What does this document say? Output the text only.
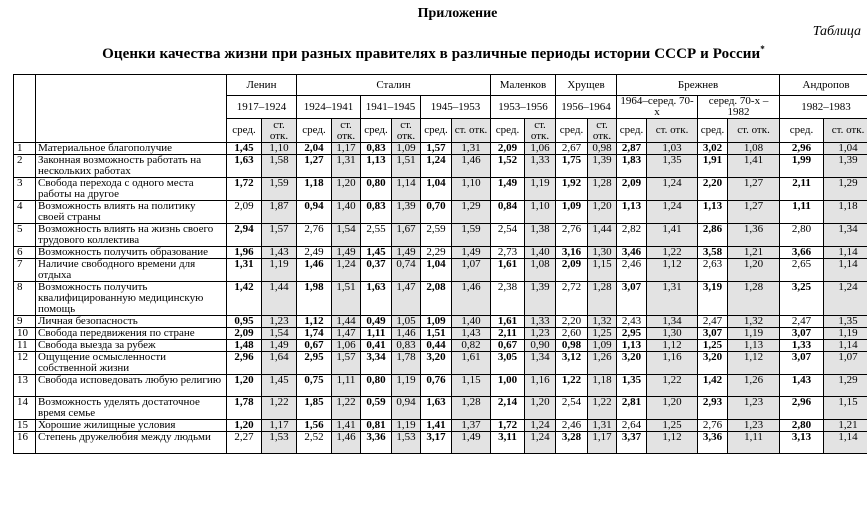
Приложение
Таблица
Оценки качества жизни при разных правителях в различные периоды истории СССР и России*
		Ленин		Сталин						Маленков		Хрущев		Брежнев				Андропов	
		1917–1924		1924–1941		1941–1945		1945–1953		1953–1956		1956–1964		1964–серед. 70-х		серед. 70-х – 1982		1982–1983	
		сред.	ст. отк.	сред.	ст. отк.	сред.	ст. отк.	сред.	ст. отк.	сред.	ст. отк.	сред.	ст. отк.	сред.	ст. отк.	сред.	ст. отк.	сред.	ст. отк.
1	Материальное благополучие	1,45	1,10	2,04	1,17	0,83	1,09	1,57	1,31	2,09	1,06	2,67	0,98	2,87	1,03	3,02	1,08	2,96	1,04
2	Законная возможность работать на нескольких работах	1,63	1,58	1,27	1,31	1,13	1,51	1,24	1,46	1,52	1,33	1,75	1,39	1,83	1,35	1,91	1,41	1,99	1,39
3	Свобода перехода с одного места работы на другое	1,72	1,59	1,18	1,20	0,80	1,14	1,04	1,10	1,49	1,19	1,92	1,28	2,09	1,24	2,20	1,27	2,11	1,29
4	Возможность влиять на политику своей страны	2,09	1,87	0,94	1,40	0,83	1,39	0,70	1,29	0,84	1,10	1,09	1,20	1,13	1,24	1,13	1,27	1,11	1,18
5	Возможность влиять на жизнь своего трудового коллектива	2,94	1,57	2,76	1,54	2,55	1,67	2,59	1,59	2,54	1,38	2,76	1,44	2,82	1,41	2,86	1,36	2,80	1,34
6	Возможность получить образование	1,96	1,43	2,49	1,49	1,45	1,49	2,29	1,49	2,73	1,40	3,16	1,30	3,46	1,22	3,58	1,21	3,66	1,14
7	Наличие свободного времени для отдыха	1,31	1,19	1,46	1,24	0,37	0,74	1,04	1,07	1,61	1,08	2,09	1,15	2,46	1,12	2,63	1,20	2,65	1,14
8	Возможность получить квалифицированную медицинскую помощь	1,42	1,44	1,98	1,51	1,63	1,47	2,08	1,46	2,38	1,39	2,72	1,28	3,07	1,31	3,19	1,28	3,25	1,24
9	Личная безопасность	0,95	1,23	1,12	1,44	0,49	1,05	1,09	1,40	1,61	1,33	2,20	1,32	2,43	1,34	2,47	1,32	2,47	1,35
10	Свобода передвижения по стране	2,09	1,54	1,74	1,47	1,11	1,46	1,51	1,43	2,11	1,23	2,60	1,25	2,95	1,30	3,07	1,19	3,07	1,19
11	Свобода выезда за рубеж	1,48	1,49	0,67	1,06	0,41	0,83	0,44	0,82	0,67	0,90	0,98	1,09	1,13	1,12	1,25	1,13	1,33	1,14
12	Ощущение осмысленности собственной жизни	2,96	1,64	2,95	1,57	3,34	1,78	3,20	1,61	3,05	1,34	3,12	1,26	3,20	1,16	3,20	1,12	3,07	1,07
13	Свобода исповедовать любую религию	1,20	1,45	0,75	1,11	0,80	1,19	0,76	1,15	1,00	1,16	1,22	1,18	1,35	1,22	1,42	1,26	1,43	1,29
14	Возможность уделять достаточное время семье	1,78	1,22	1,85	1,22	0,59	0,94	1,63	1,28	2,14	1,20	2,54	1,22	2,81	1,20	2,93	1,23	2,96	1,15
15	Хорошие жилищные условия	1,20	1,17	1,56	1,41	0,81	1,19	1,41	1,37	1,72	1,24	2,46	1,31	2,64	1,25	2,76	1,23	2,80	1,21
16	Степень дружелюбия между людьми	2,27	1,53	2,52	1,46	3,36	1,53	3,17	1,49	3,11	1,24	3,28	1,17	3,37	1,12	3,36	1,11	3,13	1,14
